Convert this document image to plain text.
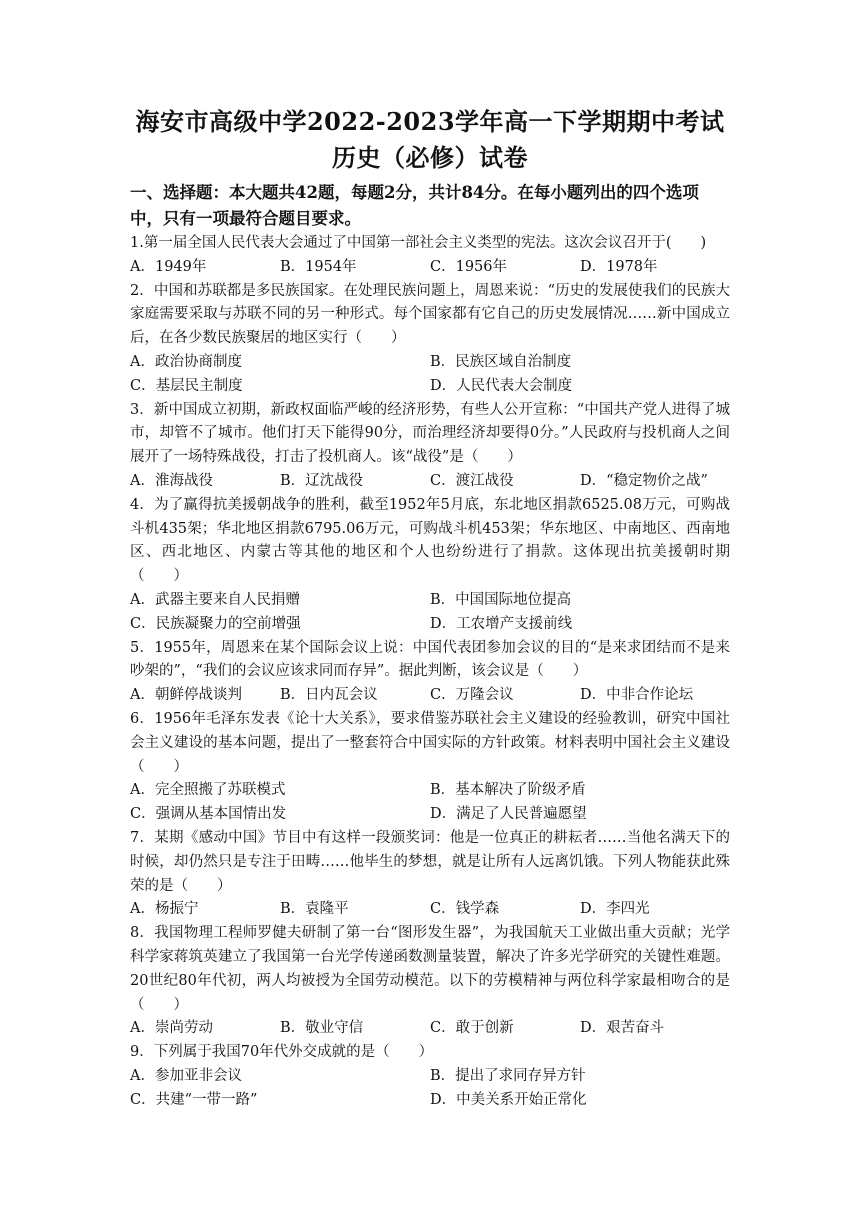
海安市高级中学2022-2023学年高一下学期期中考试
历史（必修）试卷
一、选择题：本大题共42题，每题2分，共计84分。在每小题列出的四个选项中，只有一项最符合题目要求。
1.第一届全国人民代表大会通过了中国第一部社会主义类型的宪法。这次会议召开于(　　)
A．1949年	B．1954年	C．1956年	D．1978年
2．中国和苏联都是多民族国家。在处理民族问题上，周恩来说：“历史的发展使我们的民族大家庭需要采取与苏联不同的另一种形式。每个国家都有它自己的历史发展情况……新中国成立后，在各少数民族聚居的地区实行（　　）
A．政治协商制度	B．民族区域自治制度
C．基层民主制度	D．人民代表大会制度
3．新中国成立初期，新政权面临严峻的经济形势，有些人公开宣称：“中国共产党人进得了城市，却管不了城市。他们打天下能得90分，而治理经济却要得0分。”人民政府与投机商人之间展开了一场特殊战役，打击了投机商人。该“战役”是（　　）
A．淮海战役	B．辽沈战役	C．渡江战役	D．“稳定物价之战”
4．为了赢得抗美援朝战争的胜利，截至1952年5月底，东北地区捐款6525.08万元，可购战斗机435架；华北地区捐款6795.06万元，可购战斗机453架；华东地区、中南地区、西南地区、西北地区、内蒙古等其他的地区和个人也纷纷进行了捐款。这体现出抗美援朝时期（　　）
A．武器主要来自人民捐赠	B．中国国际地位提高
C．民族凝聚力的空前增强	D．工农增产支援前线
5．1955年，周恩来在某个国际会议上说：中国代表团参加会议的目的“是来求团结而不是来吵架的”，“我们的会议应该求同而存异”。据此判断，该会议是（　　）
A．朝鲜停战谈判	B．日内瓦会议	C．万隆会议	D．中非合作论坛
6．1956年毛泽东发表《论十大关系》，要求借鉴苏联社会主义建设的经验教训，研究中国社会主义建设的基本问题，提出了一整套符合中国实际的方针政策。材料表明中国社会主义建设（　　）
A．完全照搬了苏联模式	B．基本解决了阶级矛盾
C．强调从基本国情出发	D．满足了人民普遍愿望
7．某期《感动中国》节目中有这样一段颁奖词：他是一位真正的耕耘者……当他名满天下的时候，却仍然只是专注于田畴……他毕生的梦想，就是让所有人远离饥饿。下列人物能获此殊荣的是（　　）
A．杨振宁	B．袁隆平	C．钱学森	D．李四光
8．我国物理工程师罗健夫研制了第一台“图形发生器”，为我国航天工业做出重大贡献；光学科学家蒋筑英建立了我国第一台光学传递函数测量装置，解决了许多光学研究的关键性难题。20世纪80年代初，两人均被授为全国劳动模范。以下的劳模精神与两位科学家最相吻合的是（　　）
A．崇尚劳动	B．敬业守信	C．敢于创新	D．艰苦奋斗
9．下列属于我国70年代外交成就的是（　　）
A．参加亚非会议	B．提出了求同存异方针
C．共建“一带一路”	D．中美关系开始正常化
